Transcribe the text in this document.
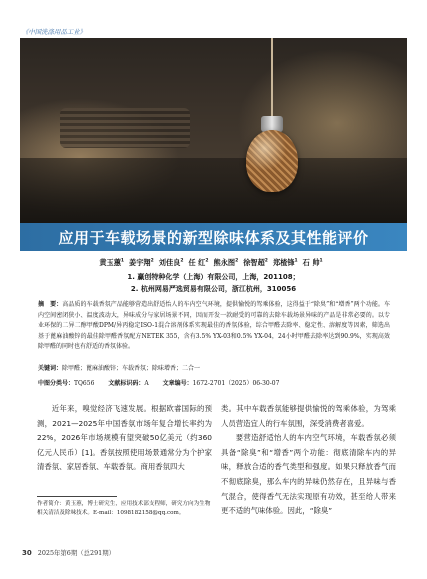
《中国洗涤用品工业》
应用于车载场景的新型除味体系及其性能评价
黄玉蕙$^1$ 姜宇翔$^2$ 刘佳良$^2$ 任 红$^2$ 熊永图$^2$ 徐智超$^2$ 郑楂锋$^1$ 石 帅$^1$
1. 赢创特种化学（上海）有限公司，上海，201108；
2. 杭州网易严选贸易有限公司，浙江杭州，310056
摘　要：高品质的车载香氛产品能够营造出舒适怡人的车内空气环境，提供愉悦的驾乘体验，这得益于“除臭”和“增香”两个功能。车内空间密闭狭小、温度波动大，异味成分与家居场景不同，因而开发一款耐受的可靠的去除车载场景异味的产品是非常必要的。以专业环保的二异二醇甲酸DPM/异丙稳定ISO-1混合溶剂体系实现最佳的香氛体验，综合甲醛去除率、稳定性、溶解度等因素，筛选出基于蓖麻油酸锌的最佳除甲醛香氛配方NETEK 355，含有3.5% YX-03和0.5% YX-04，24小时甲醛去除率达到90.9%，实现高效除甲醛的同时也有舒适的香氛体验。
关键词：除甲醛；蓖麻油酸锌；车载香氛；除味增香；二合一
中图分类号：TQ656 文献标识码：A 文章编号：1672-2701（2025）06-30-07

近年来，嗅觉经济飞速发展。根据欧睿国际的预测，2021—2025年中国香氛市场年复合增长率约为22%，2026年市场规模有望突破50亿美元（约360亿元人民币）[1]。香氛按照使用场景通常分为个护家清香氛、家居香氛、车载香氛。商用香氛四大

类。其中车载香氛能够提供愉悦的驾乘体验，为驾乘人员营造宜人的行车氛围，深受消费者喜爱。

要营造舒适怡人的车内空气环境，车载香氛必须具备“除臭”和“增香”两个功能：彻底清除车内的异味，释放合适的香气类型和强度。如果只释放香气而不彻底除臭，那么车内的异味仍然存在，且异味与香气混合，使得香气无法实现原有功效，甚至给人带来更不适的气味体验。因此，“除臭”

作者简介：黄玉蕙，博士研究生，应用技术部支程师，研究方向为生物相关清洁及除味技术。E-mail：1098182158@qq.com。
30 2025年第6期（总291期）
